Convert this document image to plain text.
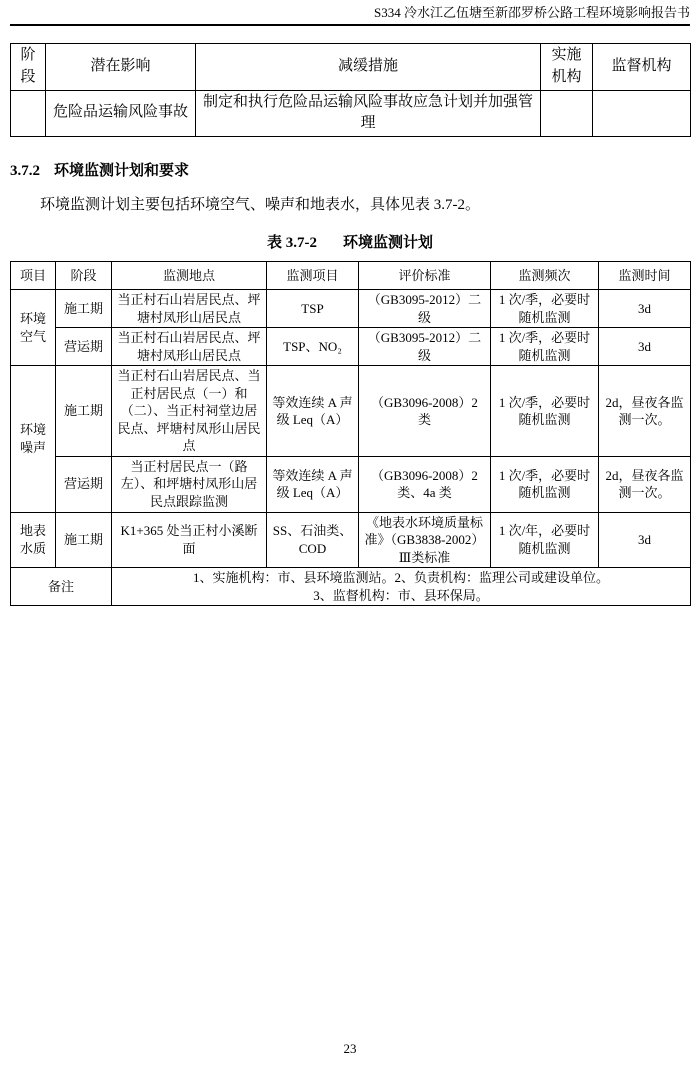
S334 冷水江乙伍塘至新邵罗桥公路工程环境影响报告书
阶段	潜在影响	减缓措施	实施机构	监督机构
	危险品运输风险事故	制定和执行危险品运输风险事故应急计划并加强管理		
3.7.2 环境监测计划和要求

环境监测计划主要包括环境空气、噪声和地表水，具体见表 3.7-2。

表 3.7-2 环境监测计划
项目	阶段	监测地点	监测项目	评价标准	监测频次	监测时间
环境空气	施工期	当正村石山岩居民点、坪塘村凤形山居民点	TSP	（GB3095-2012）二级	1 次/季，必要时随机监测	3d
	营运期	当正村石山岩居民点、坪塘村凤形山居民点	TSP、NO₂	（GB3095-2012）二级	1 次/季，必要时随机监测	3d
环境噪声	施工期	当正村石山岩居民点、当正村居民点（一）和（二）、当正村祠堂边居民点、坪塘村凤形山居民点	等效连续 A 声级 Leq（A）	（GB3096-2008）2 类	1 次/季，必要时随机监测	2d，昼夜各监测一次。
	营运期	当正村居民点一（路左）、和坪塘村凤形山居民点跟踪监测	等效连续 A 声级 Leq（A）	（GB3096-2008）2 类、4a 类	1 次/季，必要时随机监测	2d，昼夜各监测一次。
地表水质	施工期	K1+365 处当正村小溪断面	SS、石油类、COD	《地表水环境质量标准》（GB3838-2002）Ⅲ类标准	1 次/年，必要时随机监测	3d
备注		1、实施机构：市、县环境监测站。2、负责机构：监理公司或建设单位。
3、监督机构：市、县环保局。				
23
